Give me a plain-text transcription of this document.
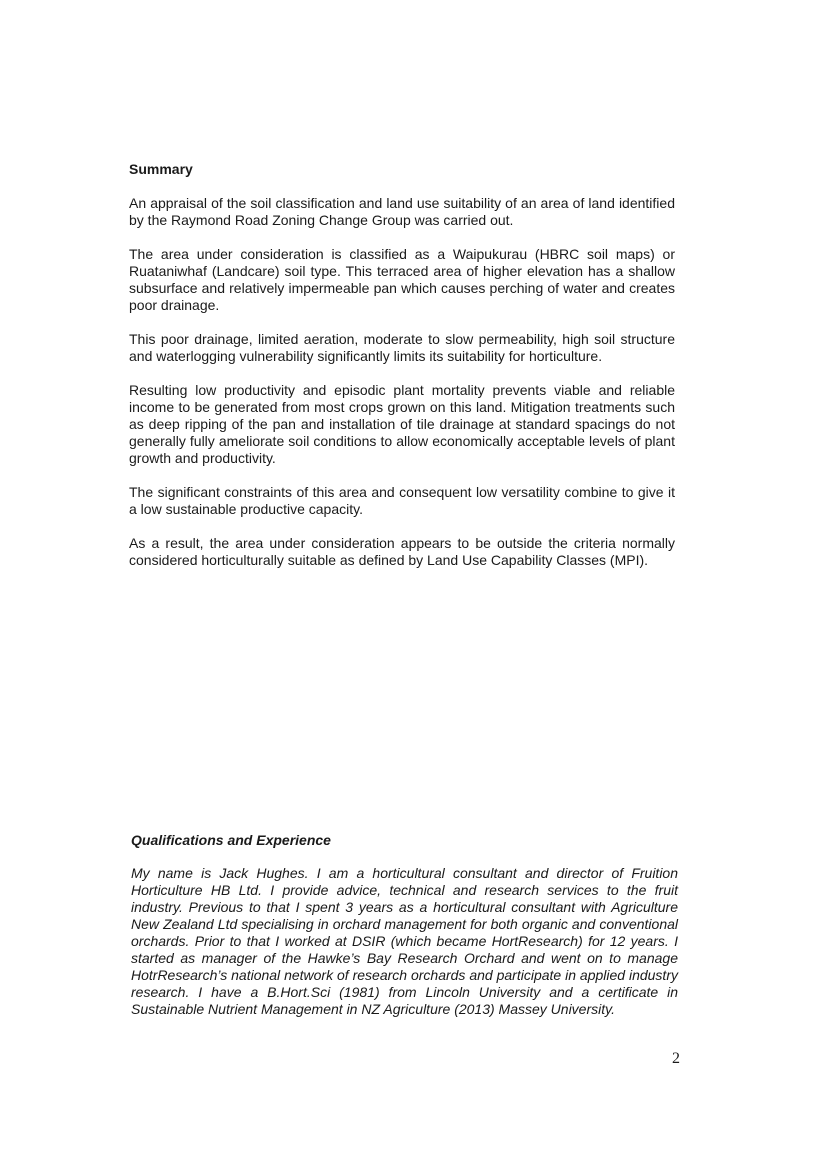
Summary

An appraisal of the soil classification and land use suitability of an area of land identified by the Raymond Road Zoning Change Group was carried out.

The area under consideration is classified as a Waipukurau (HBRC soil maps) or Ruataniwhaf (Landcare) soil type. This terraced area of higher elevation has a shallow subsurface and relatively impermeable pan which causes perching of water and creates poor drainage.

This poor drainage, limited aeration, moderate to slow permeability, high soil structure and waterlogging vulnerability significantly limits its suitability for horticulture.

Resulting low productivity and episodic plant mortality prevents viable and reliable income to be generated from most crops grown on this land. Mitigation treatments such as deep ripping of the pan and installation of tile drainage at standard spacings do not generally fully ameliorate soil conditions to allow economically acceptable levels of plant growth and productivity.

The significant constraints of this area and consequent low versatility combine to give it a low sustainable productive capacity.

As a result, the area under consideration appears to be outside the criteria normally considered horticulturally suitable as defined by Land Use Capability Classes (MPI).

Qualifications and Experience

My name is Jack Hughes. I am a horticultural consultant and director of Fruition Horticulture HB Ltd. I provide advice, technical and research services to the fruit industry. Previous to that I spent 3 years as a horticultural consultant with Agriculture New Zealand Ltd specialising in orchard management for both organic and conventional orchards. Prior to that I worked at DSIR (which became HortResearch) for 12 years. I started as manager of the Hawke’s Bay Research Orchard and went on to manage HotrResearch’s national network of research orchards and participate in applied industry research. I have a B.Hort.Sci (1981) from Lincoln University and a certificate in Sustainable Nutrient Management in NZ Agriculture (2013) Massey University.

2
